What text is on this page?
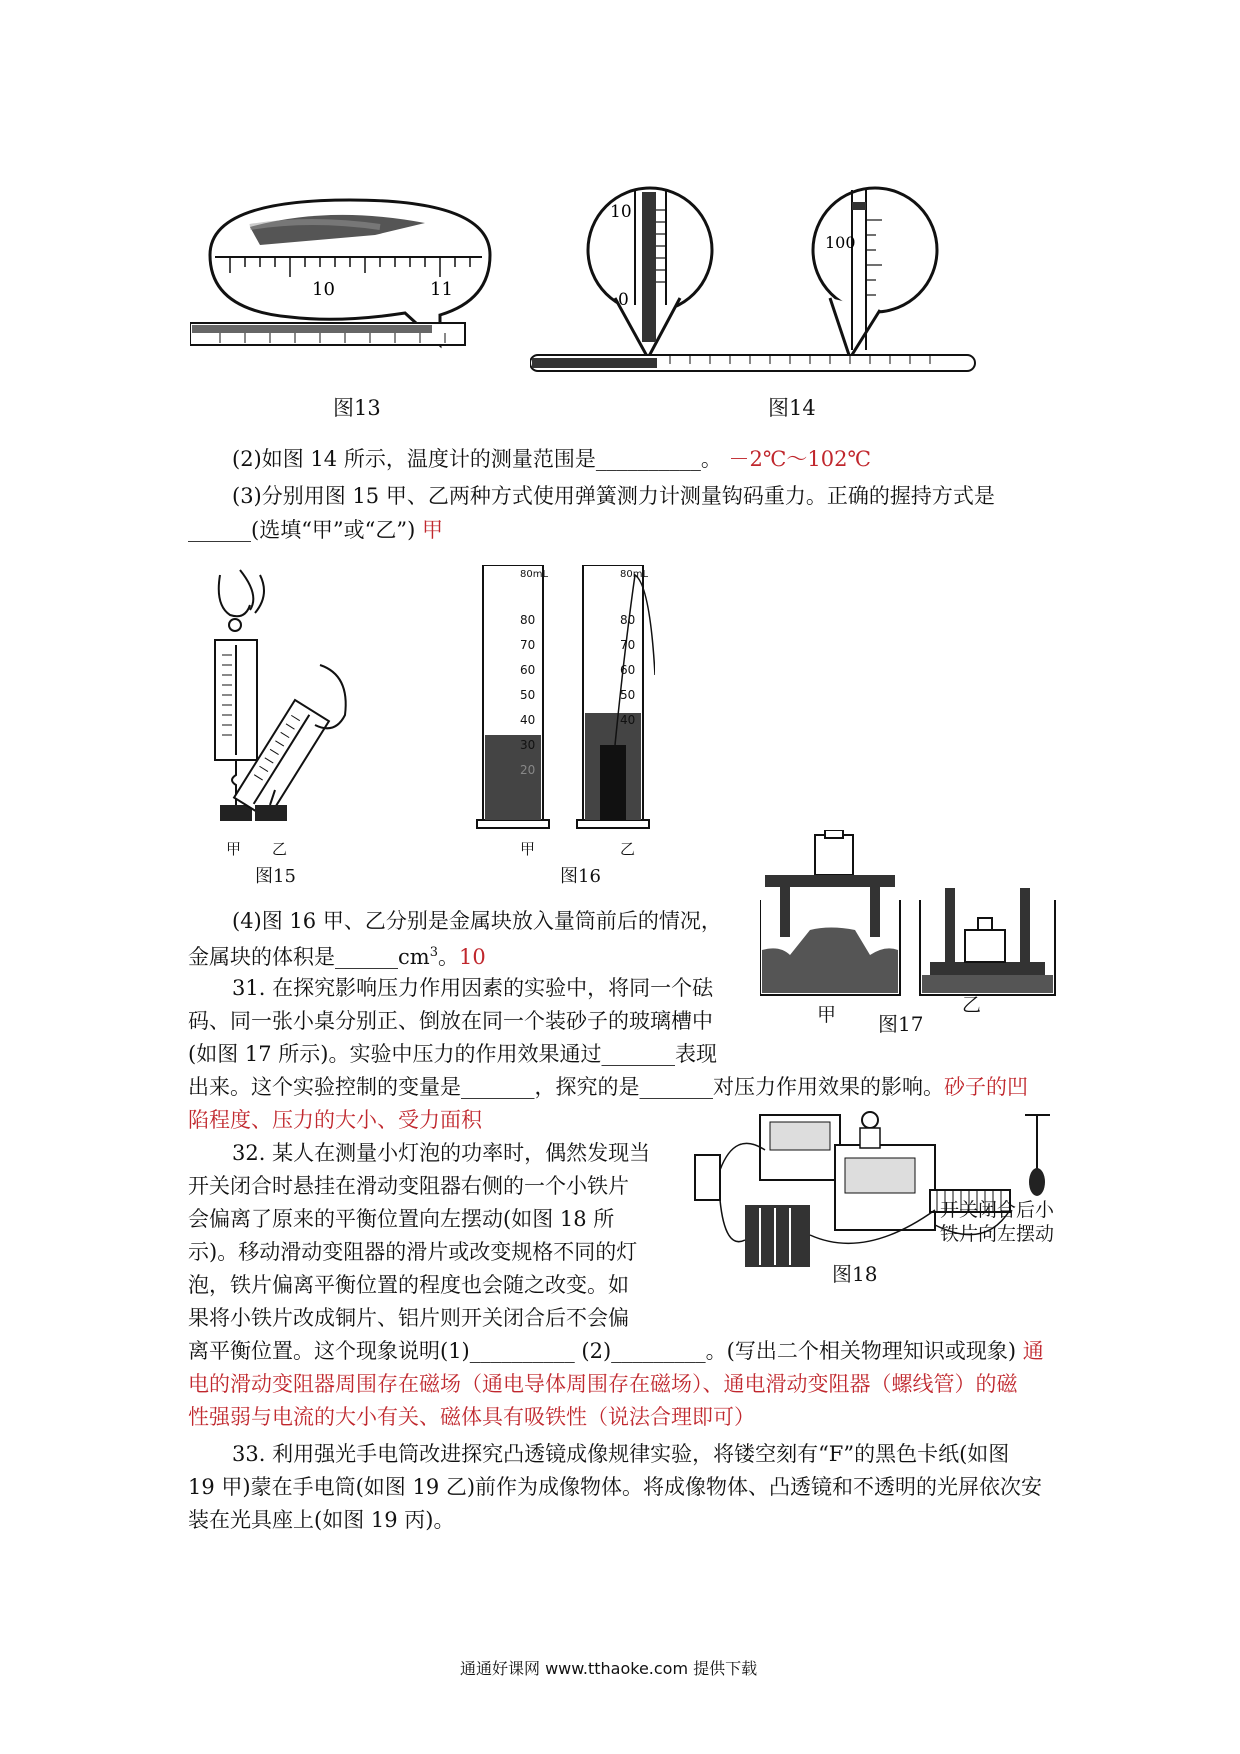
10	11
图13
10
0
100
图14
(2)如图 14 所示，温度计的测量范围是__________。 －2℃～102℃
(3)分别用图 15 甲、乙两种方式使用弹簧测力计测量钩码重力。正确的握持方式是
______(选填“甲”或“乙”) 甲
甲 乙
图15
80mL	80mL
80
70
60
50
40
30
20
80
70
60
50
40
甲	乙
图16
甲	乙
图17
(4)图 16 甲、乙分别是金属块放入量筒前后的情况，
金属块的体积是$\_\_\_\_\_\_cm^3$。10
31. 在探究影响压力作用因素的实验中，将同一个砝
码、同一张小桌分别正、倒放在同一个装砂子的玻璃槽中
(如图 17 所示)。实验中压力的作用效果通过_______表现
出来。这个实验控制的变量是_______，探究的是_______对压力作用效果的影响。砂子的凹
陷程度、压力的大小、受力面积
开关闭合后小
铁片向左摆动
图18
32. 某人在测量小灯泡的功率时，偶然发现当
开关闭合时悬挂在滑动变阻器右侧的一个小铁片
会偏离了原来的平衡位置向左摆动(如图 18 所
示)。移动滑动变阻器的滑片或改变规格不同的灯
泡，铁片偏离平衡位置的程度也会随之改变。如
果将小铁片改成铜片、铝片则开关闭合后不会偏
离平衡位置。这个现象说明(1)__________ (2)_________。(写出二个相关物理知识或现象) 通
电的滑动变阻器周围存在磁场（通电导体周围存在磁场）、通电滑动变阻器（螺线管）的磁
性强弱与电流的大小有关、磁体具有吸铁性（说法合理即可）
33. 利用强光手电筒改进探究凸透镜成像规律实验，将镂空刻有“F”的黑色卡纸(如图
19 甲)蒙在手电筒(如图 19 乙)前作为成像物体。将成像物体、凸透镜和不透明的光屏依次安
装在光具座上(如图 19 丙)。
通通好课网 www.tthaoke.com 提供下载
